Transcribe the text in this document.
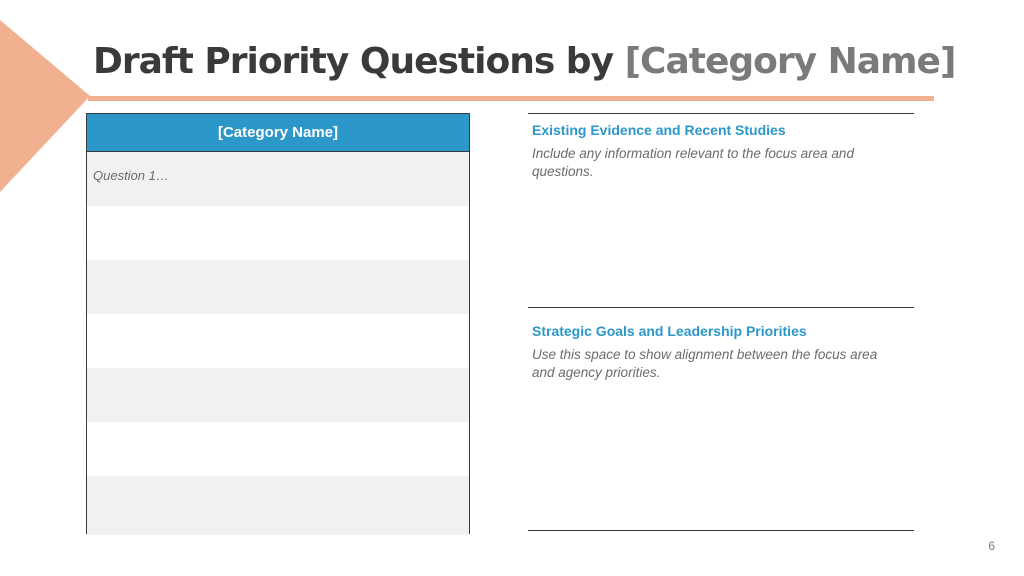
Draft Priority Questions by [Category Name]
[Category Name]
Question 1…
Existing Evidence and Recent Studies

Include any information relevant to the focus area and questions.

Strategic Goals and Leadership Priorities

Use this space to show alignment between the focus area and agency priorities.

6
